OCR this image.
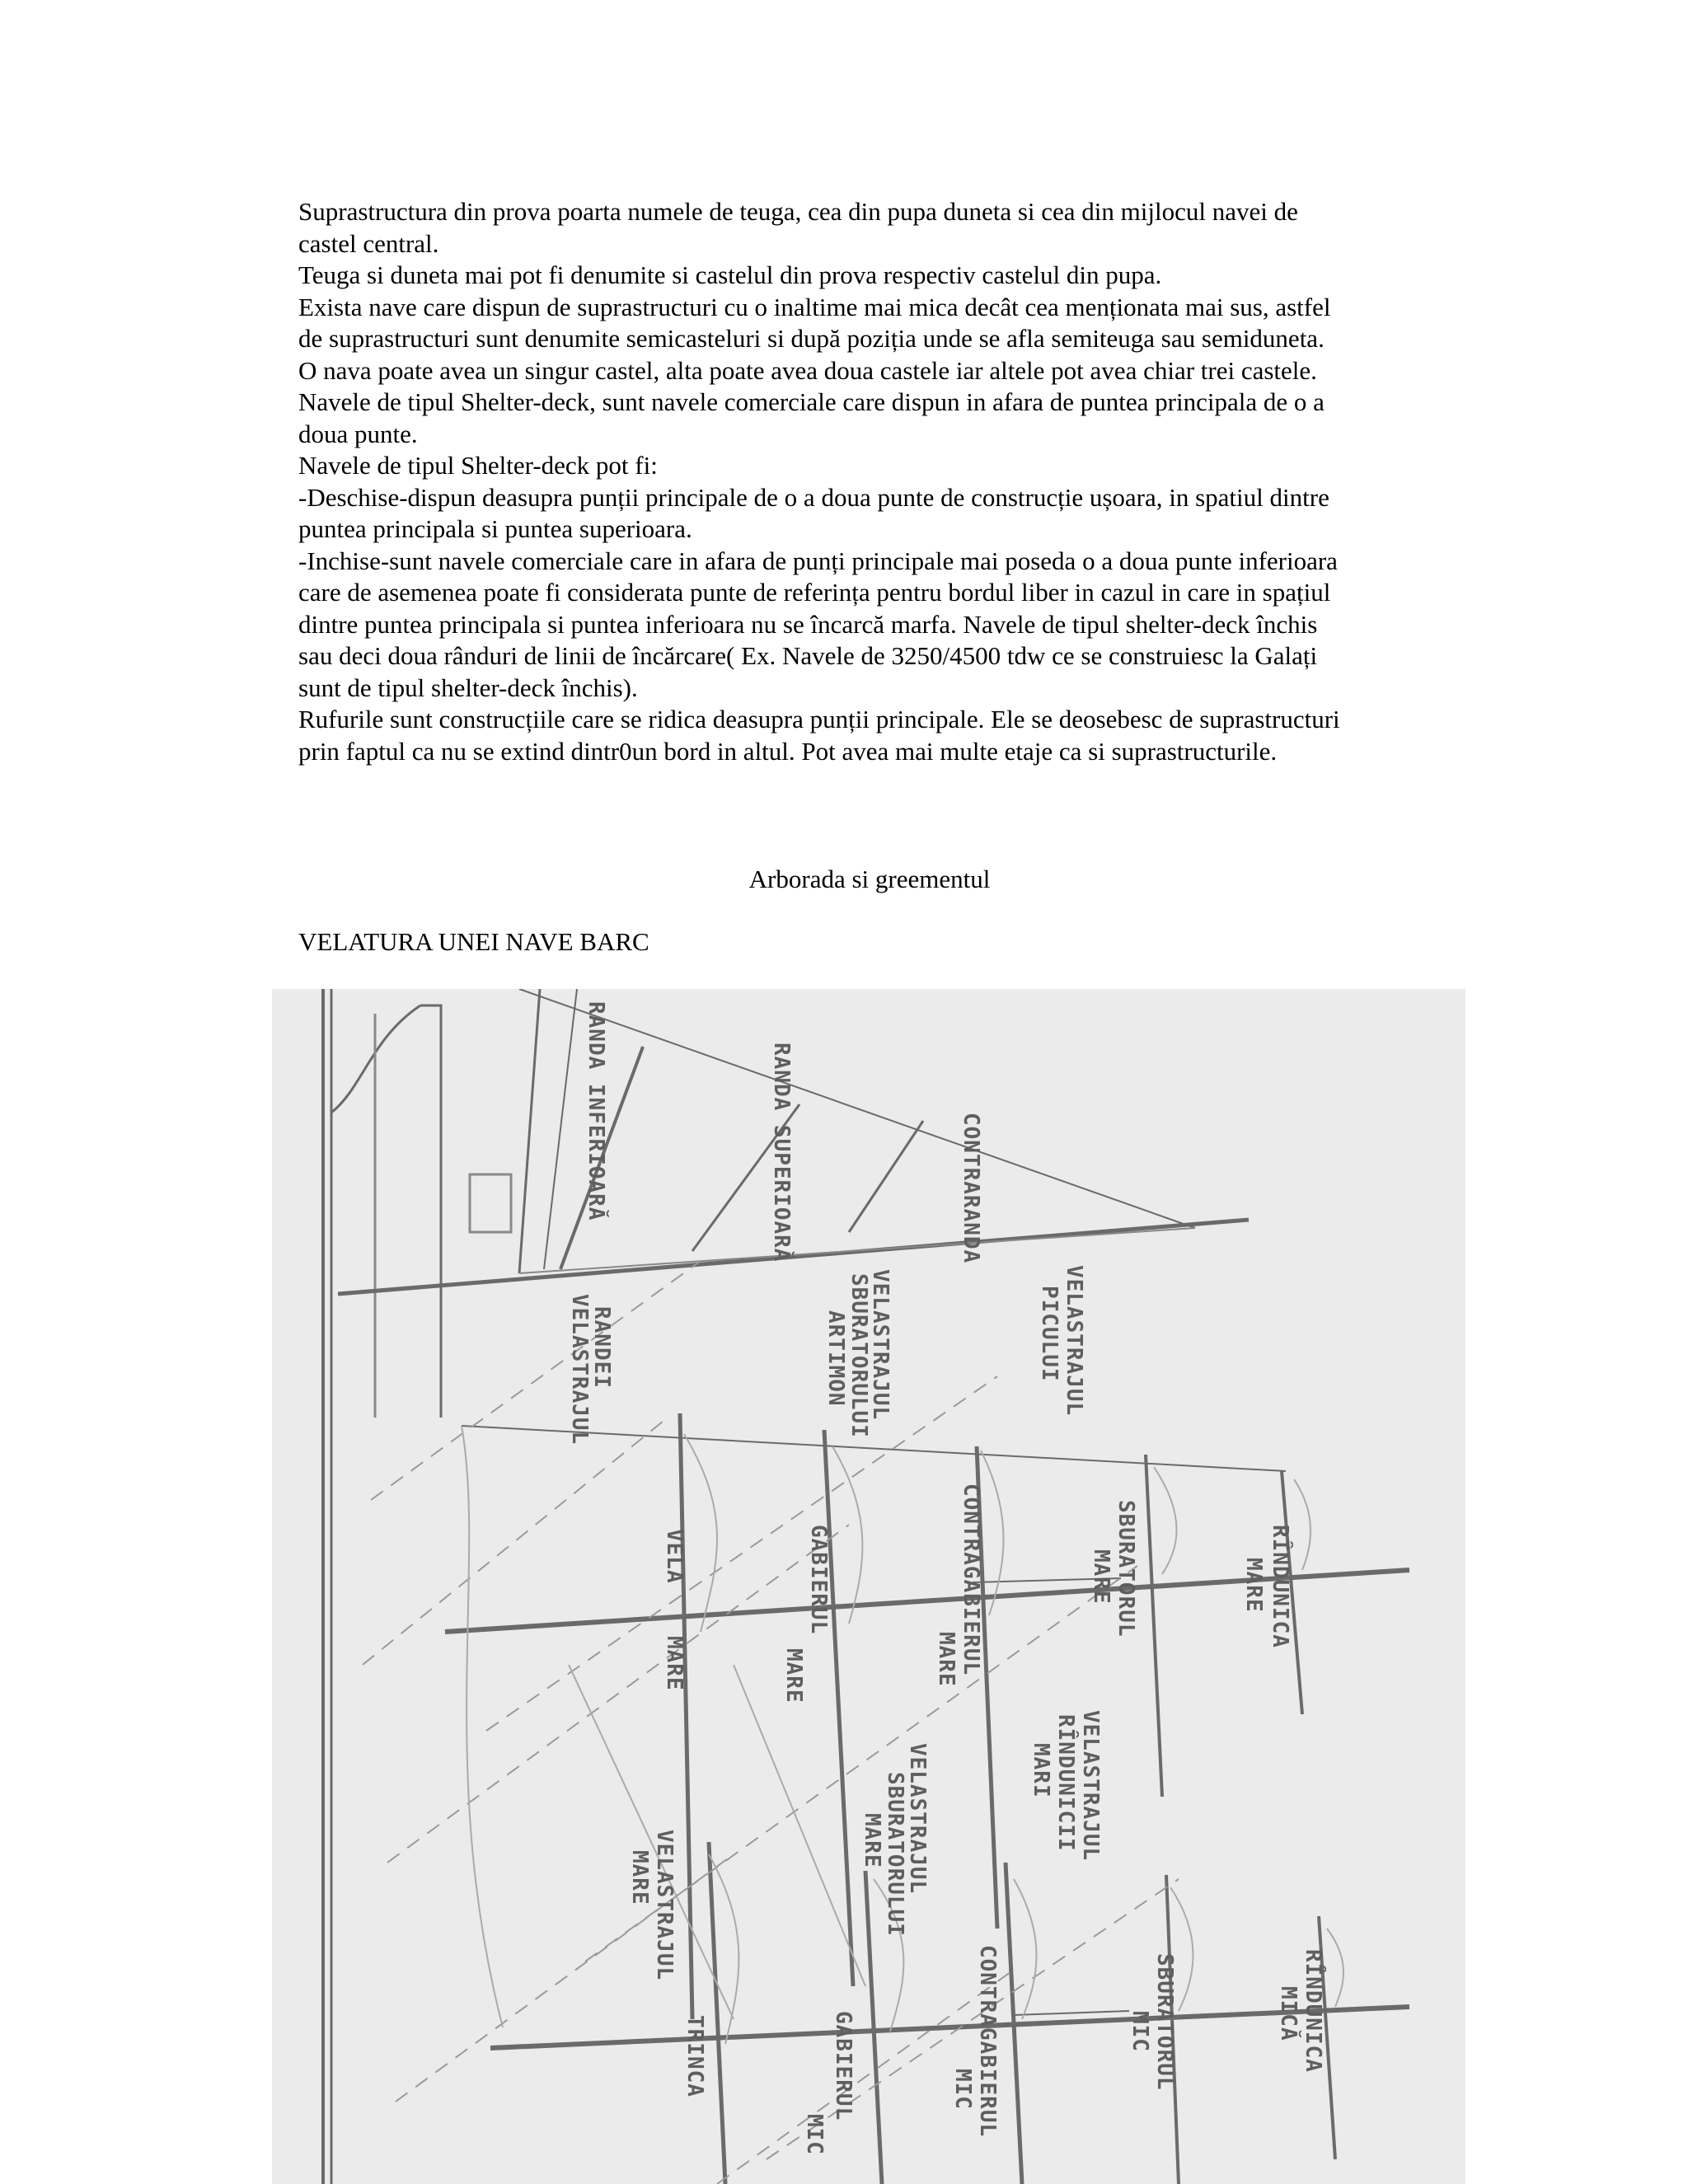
Suprastructura din prova poarta numele de teuga, cea din pupa duneta si cea din mijlocul navei de

castel central.

Teuga si duneta mai pot fi denumite si castelul din prova respectiv castelul din pupa.

Exista nave care dispun de suprastructuri cu o inaltime mai mica decât cea menționata mai sus, astfel

de suprastructuri sunt denumite semicasteluri si după poziția unde se afla semiteuga sau semiduneta.

O nava poate avea un singur castel, alta poate avea doua castele iar altele pot avea chiar trei castele.

Navele de tipul Shelter-deck, sunt navele comerciale care dispun in afara de puntea principala de o a

doua punte.

Navele de tipul Shelter-deck pot fi:

-Deschise-dispun deasupra punții principale de o a doua punte de construcție ușoara, in spatiul dintre

puntea principala si puntea superioara.

-Inchise-sunt navele comerciale care in afara de punți principale mai poseda o a doua punte inferioara

care de asemenea poate fi considerata punte de referința pentru bordul liber in cazul in care in spațiul

dintre puntea principala si puntea inferioara nu se încarcă marfa. Navele de tipul shelter-deck închis

sau deci doua rânduri de linii de încărcare( Ex. Navele de 3250/4500 tdw ce se construiesc la Galați

sunt de tipul shelter-deck închis).

Rufurile sunt construcțiile care se ridica deasupra punții principale. Ele se deosebesc de suprastructuri

prin faptul ca nu se extind dintr0un bord in altul. Pot avea mai multe etaje ca si suprastructurile.

Arborada si greementul
VELATURA UNEI NAVE BARC
RANDA INFERIOARĂ	RANDA SUPERIOARĂ	CONTRARANDA
VELASTRAJUL
RANDEI	VELASTRAJUL
SBURATORULUI
ARTIMON	VELASTRAJUL
PICULUI
VELA
MARE
GABIERUL
MARE
CONTRAGABIERUL
MARE
SBURATORUL
MARE	RÎNDUNICA
MARE
VELASTRAJUL
MARE	VELASTRAJUL
SBURATORULUI
MARE	VELASTRAJUL
RÎNDUNICII
MARI
TRINCA	GABIERUL
MIC	CONTRAGABIERUL
MIC	SBURATORUL
MIC	RÎNDUNICA
MICĂ
